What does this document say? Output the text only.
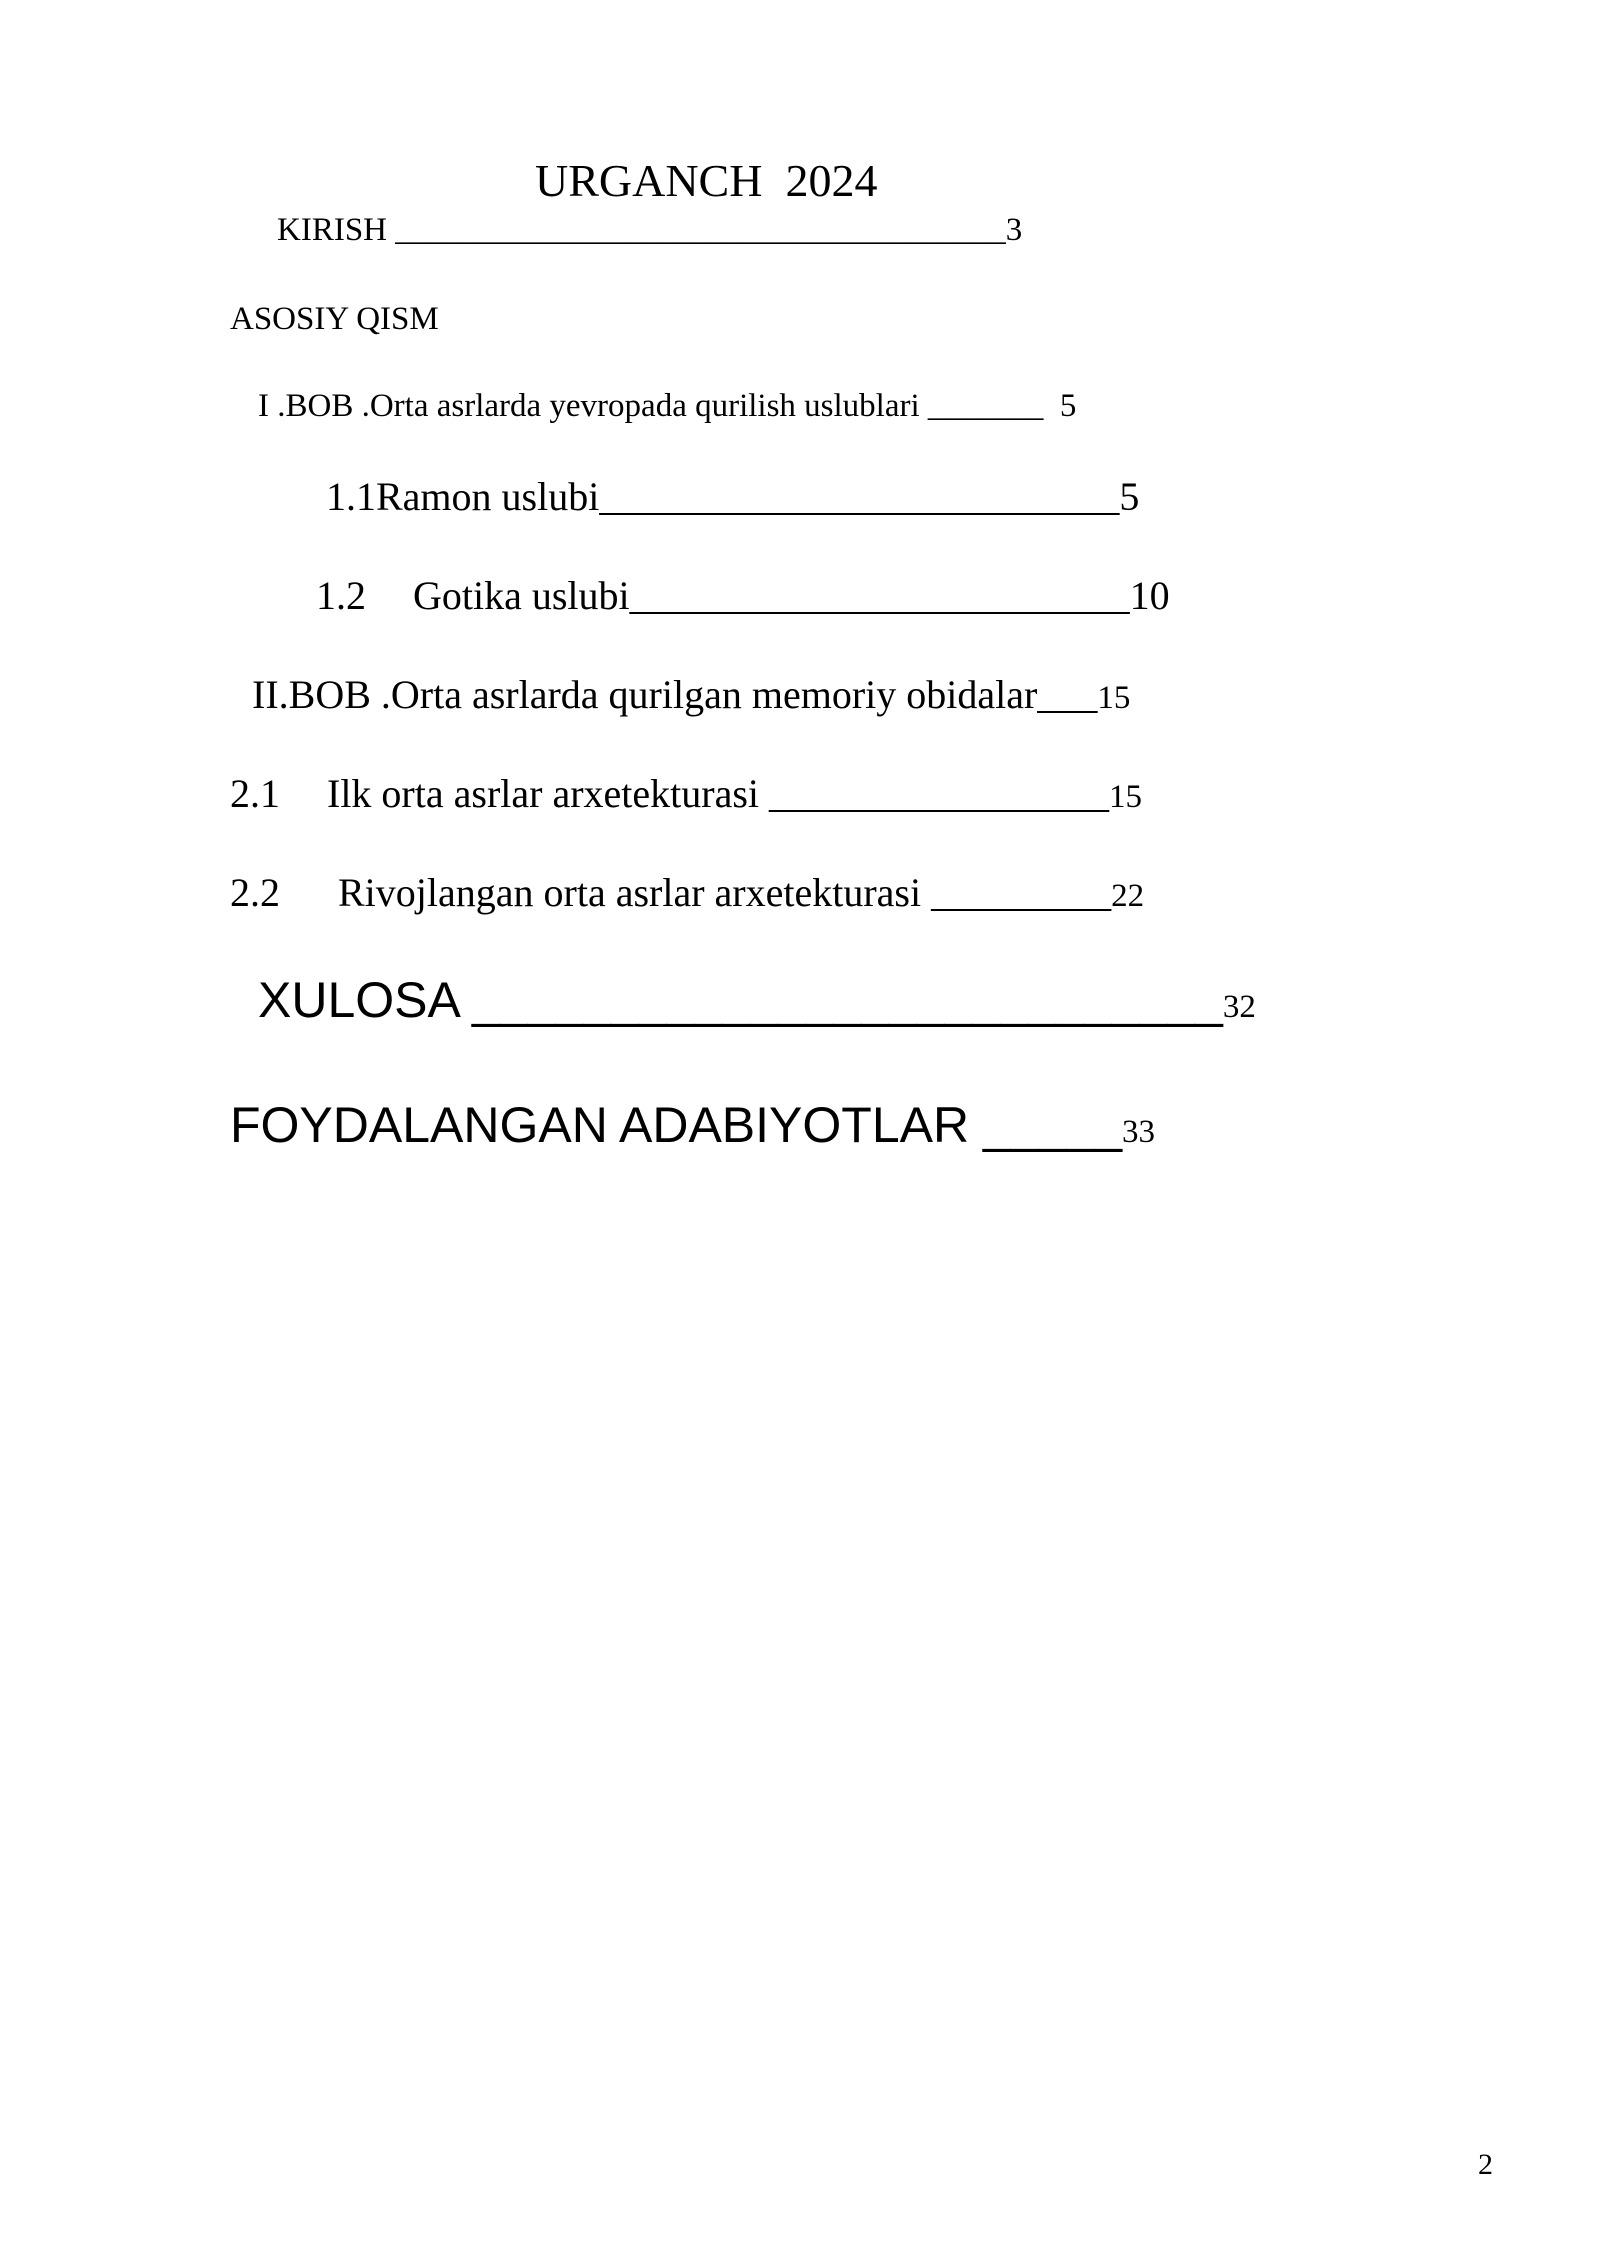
URGANCH  2024
KIRISH _____________________________________3
ASOSIY QISM
I .BOB .Orta asrlarda yevropada qurilish uslublari _______ 5
1.1Ramon uslubi__________________________5
1.2 Gotika uslubi_________________________10
II.BOB .Orta asrlarda qurilgan memoriy obidalar___15
2.1 Ilk orta asrlar arxetekturasi _________________15
2.2 Rivojlangan orta asrlar arxetekturasi _________22
XULOSA ___________________________32
FOYDALANGAN ADABIYOTLAR _____33
2
